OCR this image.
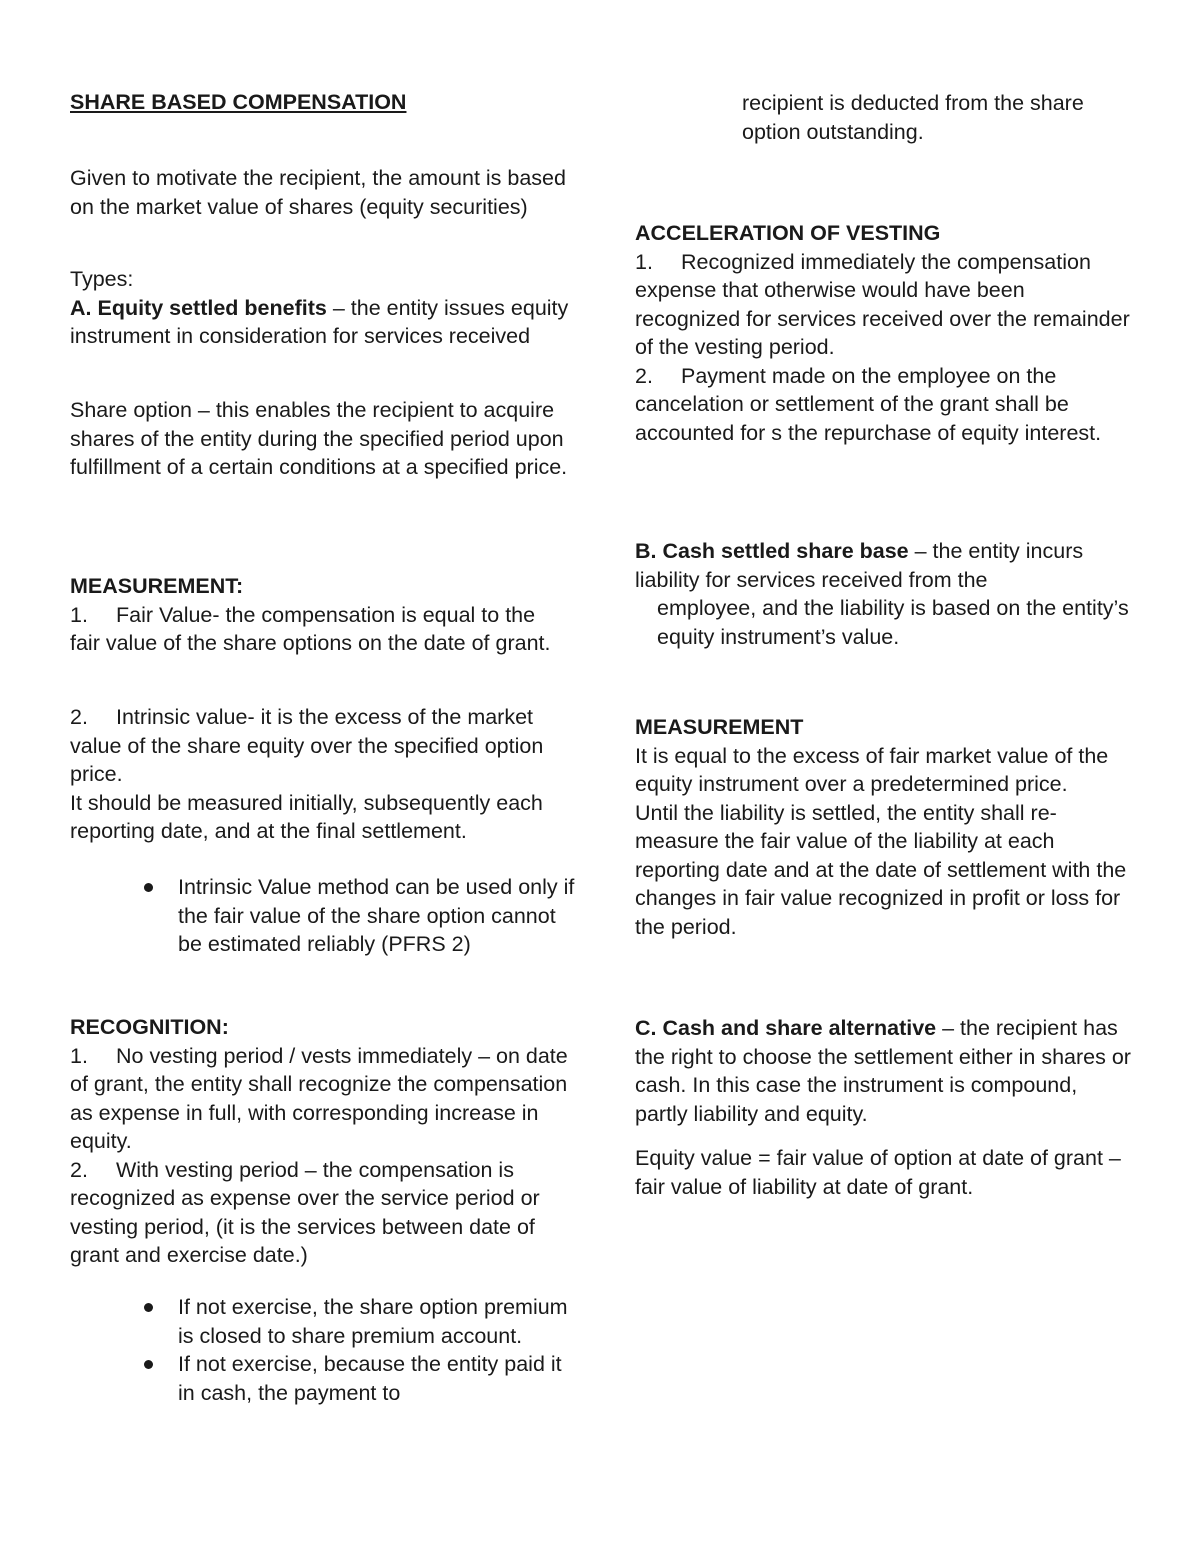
SHARE BASED COMPENSATION

Given to motivate the recipient, the amount is based on the market value of shares (equity securities)

Types:

A. Equity settled benefits – the entity issues equity instrument in consideration for services received

Share option – this enables the recipient to acquire shares of the entity during the specified period upon fulfillment of a certain conditions at a specified price.

MEASUREMENT:

1. Fair Value- the compensation is equal to the fair value of the share options on the date of grant.

2. Intrinsic value- it is the excess of the market value of the share equity over the specified option price.

It should be measured initially, subsequently each reporting date, and at the final settlement.

Intrinsic Value method can be used only if the fair value of the share option cannot be estimated reliably (PFRS 2)

RECOGNITION:

1. No vesting period / vests immediately – on date of grant, the entity shall recognize the compensation as expense in full, with corresponding increase in equity.

2. With vesting period – the compensation is recognized as expense over the service period or vesting period, (it is the services between date of grant and exercise date.)

If not exercise, the share option premium is closed to share premium account.
If not exercise, because the entity paid it in cash, the payment to

recipient is deducted from the share option outstanding.

ACCELERATION OF VESTING

1. Recognized immediately the compensation expense that otherwise would have been recognized for services received over the remainder of the vesting period.

2. Payment made on the employee on the cancelation or settlement of the grant shall be accounted for s the repurchase of equity interest.

B. Cash settled share base – the entity incurs liability for services received from the

employee, and the liability is based on the entity’s equity instrument’s value.

MEASUREMENT

It is equal to the excess of fair market value of the equity instrument over a predetermined price.

Until the liability is settled, the entity shall re-measure the fair value of the liability at each reporting date and at the date of settlement with the changes in fair value recognized in profit or loss for the period.

C. Cash and share alternative – the recipient has the right to choose the settlement either in shares or cash. In this case the instrument is compound, partly liability and equity.

Equity value = fair value of option at date of grant – fair value of liability at date of grant.
